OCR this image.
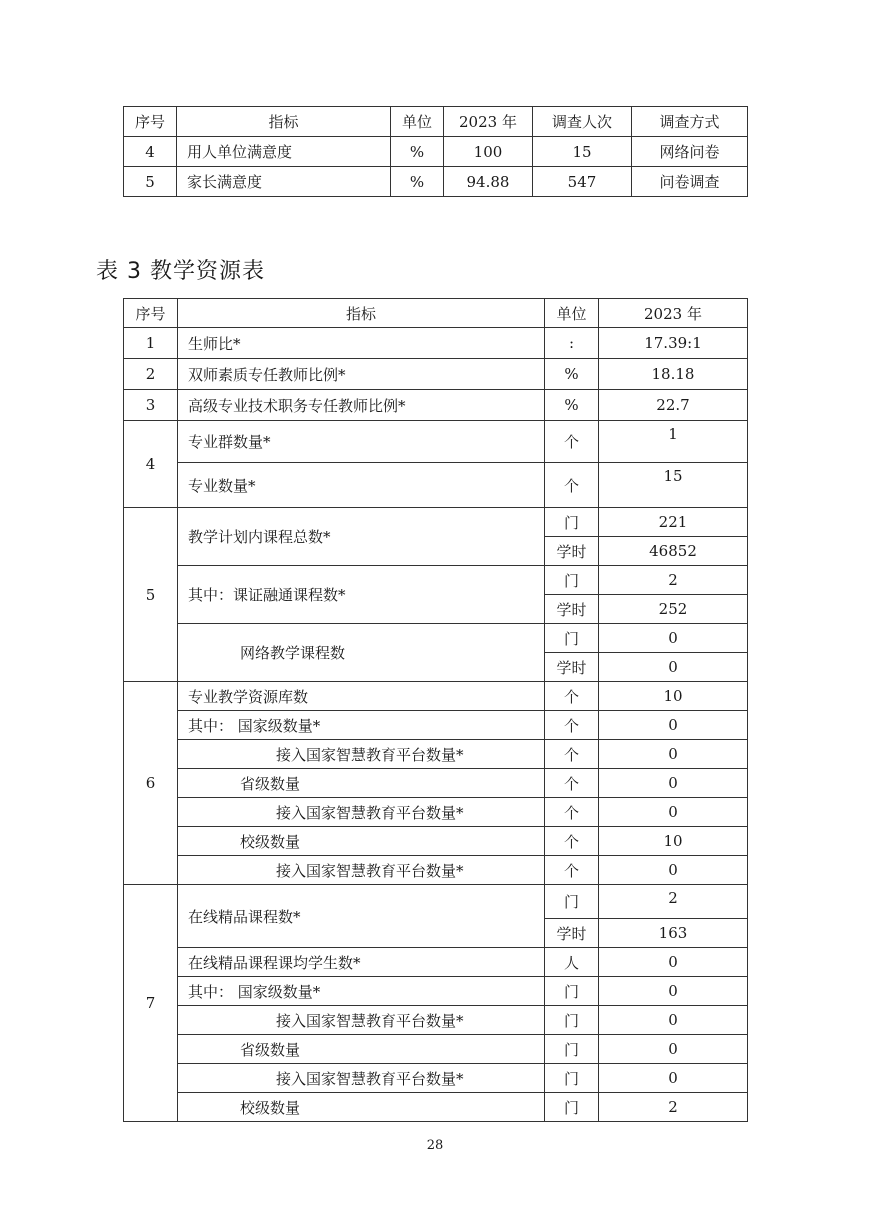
序号	指标	单位	2023 年	调查人次	调查方式
4	用人单位满意度	%	100	15	网络问卷
5	家长满意度	%	94.88	547	问卷调查
表 3 教学资源表
序号	指标	单位	2023 年
1	生师比*	:	17.39:1
2	双师素质专任教师比例*	%	18.18
3	高级专业技术职务专任教师比例*	%	22.7
4	专业群数量*	个	1
	专业数量*	个	15
5	教学计划内课程总数*	门	221
		学时	46852
	其中：课证融通课程数*	门	2
		学时	252
	网络教学课程数	门	0
		学时	0
6	专业教学资源库数	个	10
	其中： 国家级数量*	个	0
	接入国家智慧教育平台数量*	个	0
	省级数量	个	0
	接入国家智慧教育平台数量*	个	0
	校级数量	个	10
	接入国家智慧教育平台数量*	个	0
7	在线精品课程数*	门	2
		学时	163
	在线精品课程课均学生数*	人	0
	其中： 国家级数量*	门	0
	接入国家智慧教育平台数量*	门	0
	省级数量	门	0
	接入国家智慧教育平台数量*	门	0
	校级数量	门	2
28
